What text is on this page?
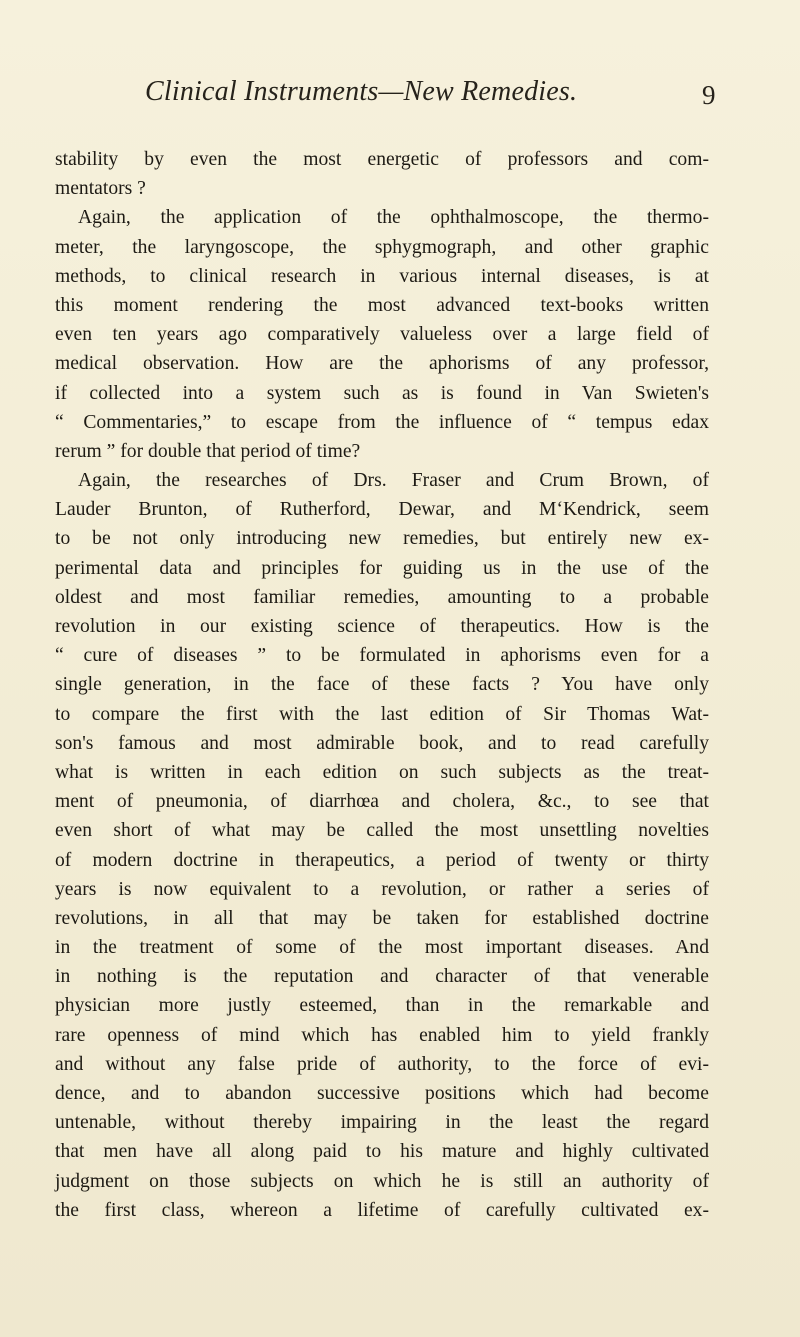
Clinical Instruments—New Remedies.	9
stability by even the most energetic of professors and com-
mentators ?
Again, the application of the ophthalmoscope, the thermo-
meter, the laryngoscope, the sphygmograph, and other graphic
methods, to clinical research in various internal diseases, is at
this moment rendering the most advanced text-books written
even ten years ago comparatively valueless over a large field of
medical observation. How are the aphorisms of any professor,
if collected into a system such as is found in Van Swieten's
“ Commentaries,” to escape from the influence of “ tempus edax
rerum ” for double that period of time?
Again, the researches of Drs. Fraser and Crum Brown, of
Lauder Brunton, of Rutherford, Dewar, and M‘Kendrick, seem
to be not only introducing new remedies, but entirely new ex-
perimental data and principles for guiding us in the use of the
oldest and most familiar remedies, amounting to a probable
revolution in our existing science of therapeutics. How is the
“ cure of diseases ” to be formulated in aphorisms even for a
single generation, in the face of these facts ? You have only
to compare the first with the last edition of Sir Thomas Wat-
son's famous and most admirable book, and to read carefully
what is written in each edition on such subjects as the treat-
ment of pneumonia, of diarrhœa and cholera, &c., to see that
even short of what may be called the most unsettling novelties
of modern doctrine in therapeutics, a period of twenty or thirty
years is now equivalent to a revolution, or rather a series of
revolutions, in all that may be taken for established doctrine
in the treatment of some of the most important diseases. And
in nothing is the reputation and character of that venerable
physician more justly esteemed, than in the remarkable and
rare openness of mind which has enabled him to yield frankly
and without any false pride of authority, to the force of evi-
dence, and to abandon successive positions which had become
untenable, without thereby impairing in the least the regard
that men have all along paid to his mature and highly cultivated
judgment on those subjects on which he is still an authority of
the first class, whereon a lifetime of carefully cultivated ex-
